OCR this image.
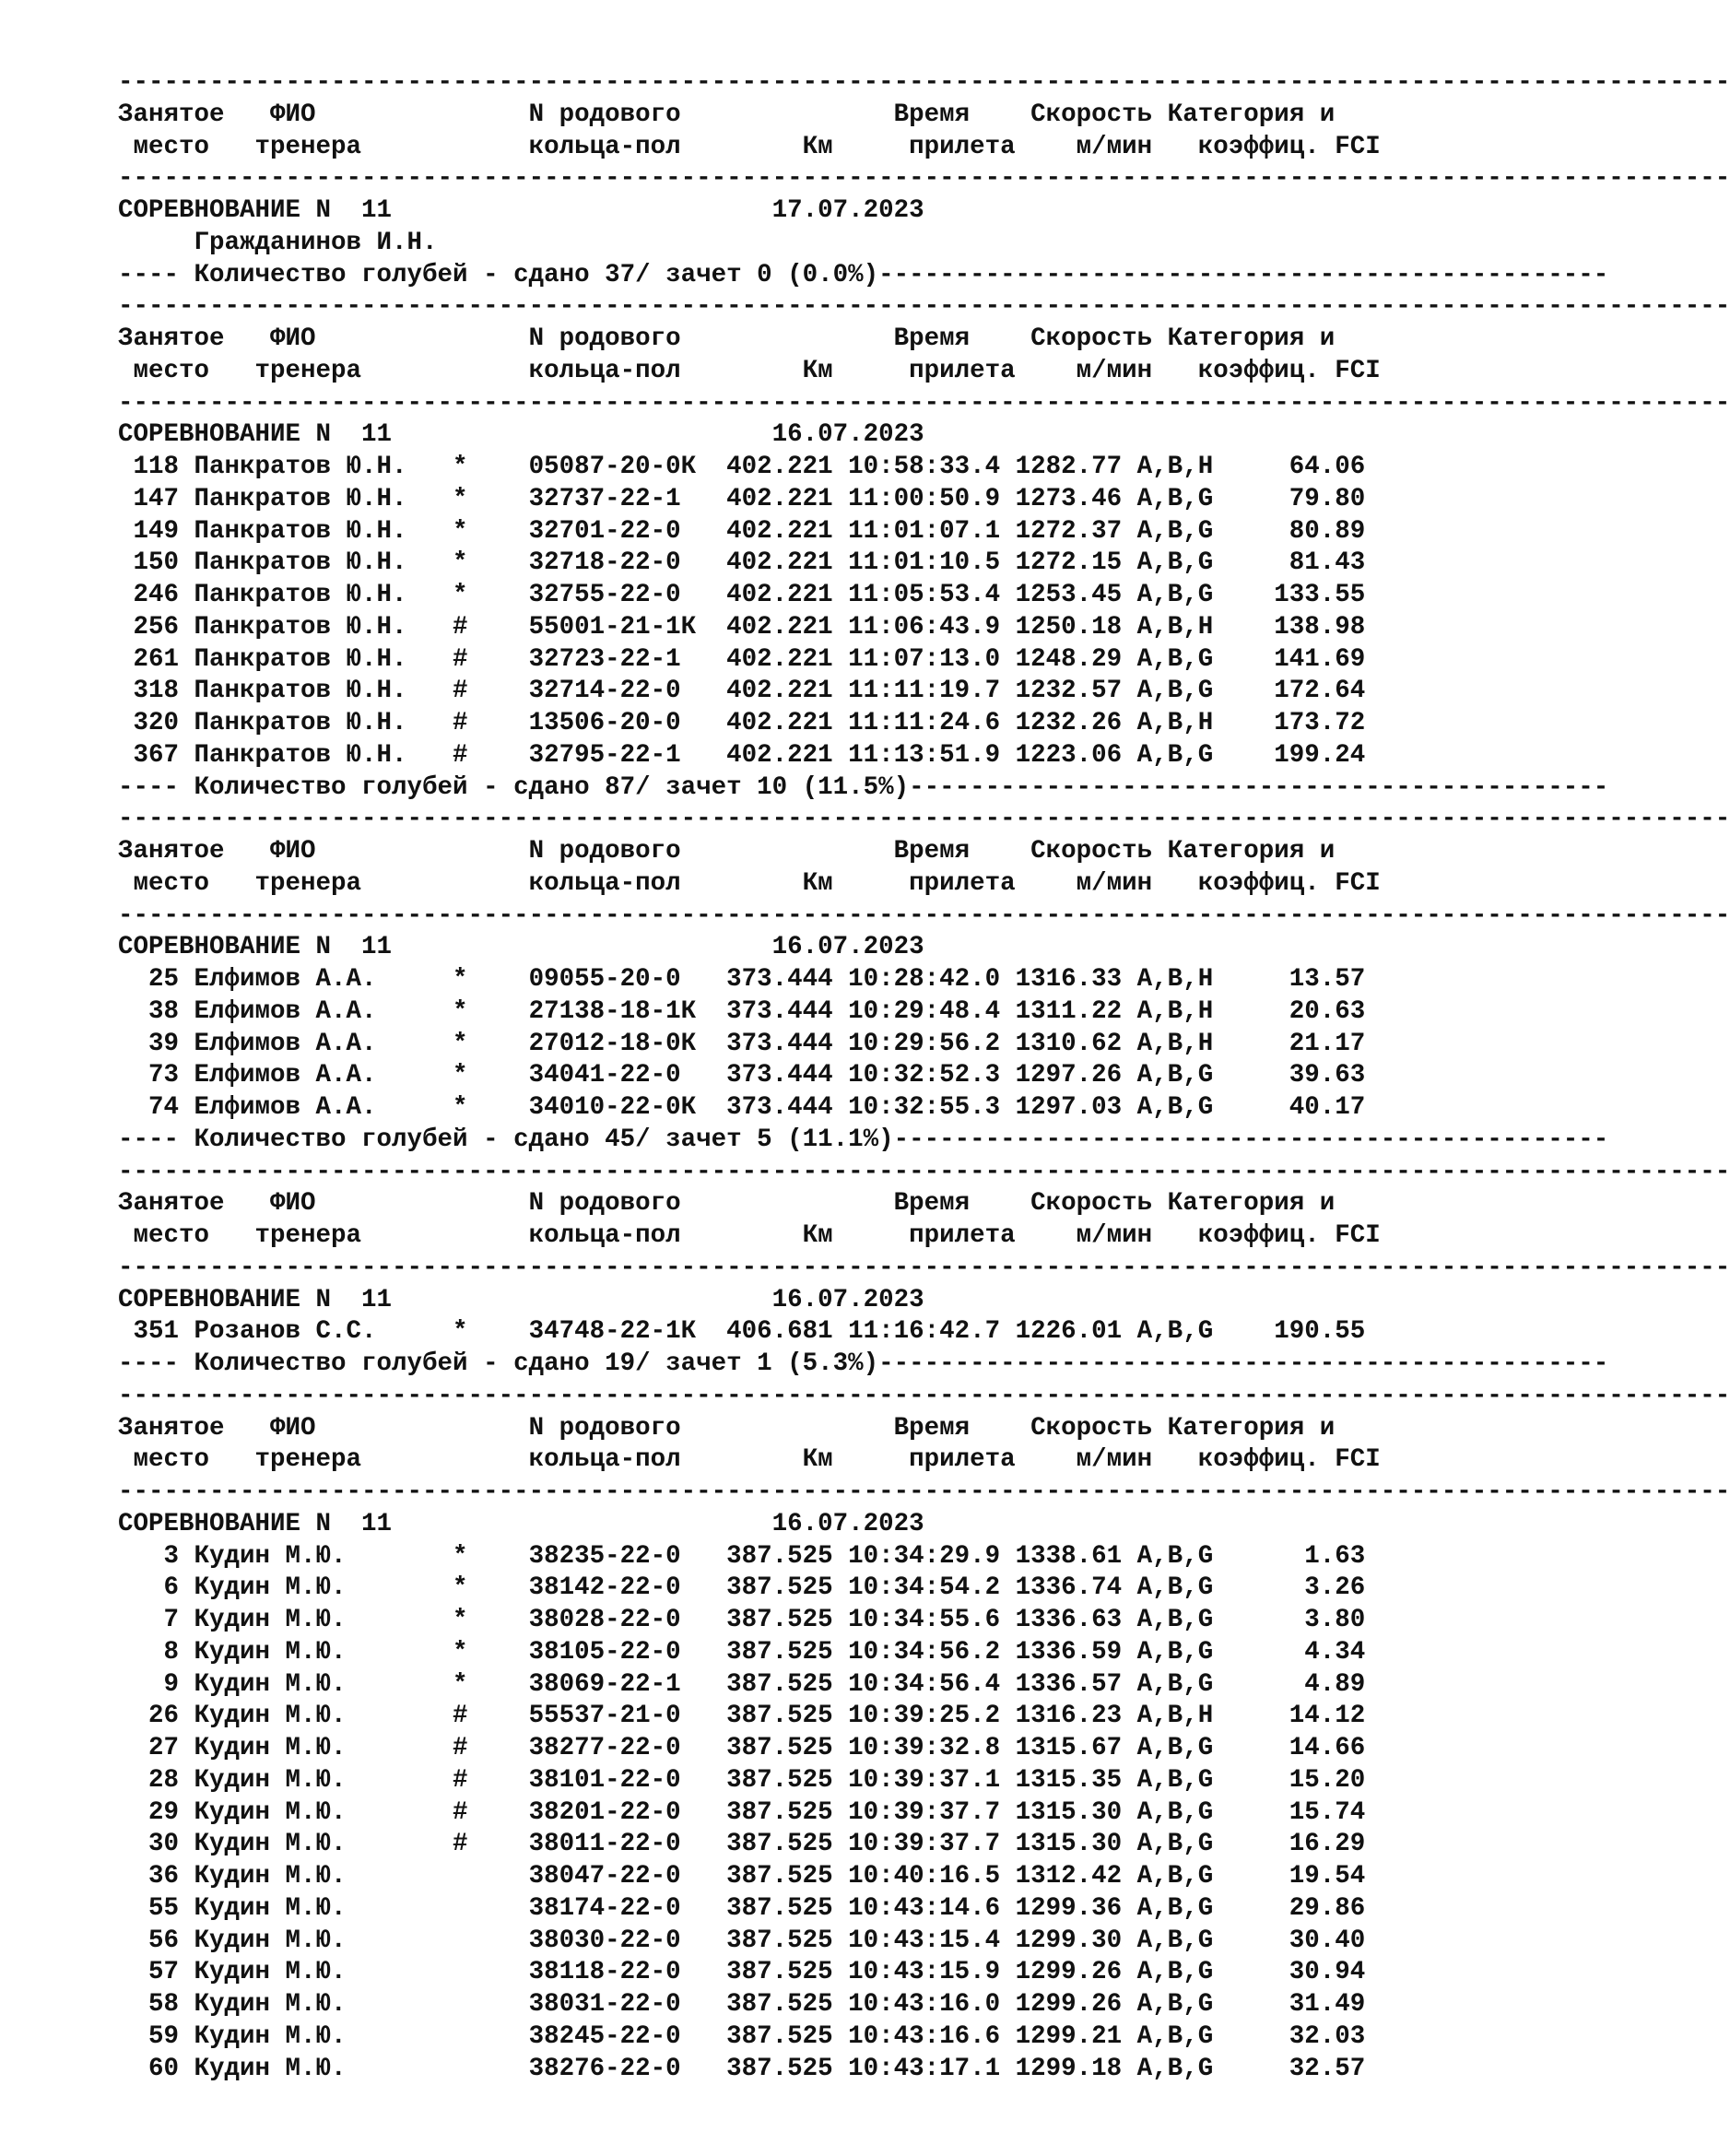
----------------------------------------------------------------------------------------------------------
Занятое   ФИО              N родового              Время    Скорость Категория и
место   тренера           кольца-пол        Км     прилета    м/мин   коэффиц. FCI
----------------------------------------------------------------------------------------------------------
СОРЕВНОВАНИЕ N  11                         17.07.2023
Гражданинов И.Н.
---- Количество голубей - сдано 37/ зачет 0 (0.0%)------------------------------------------------
----------------------------------------------------------------------------------------------------------
Занятое   ФИО              N родового              Время    Скорость Категория и
место   тренера           кольца-пол        Км     прилета    м/мин   коэффиц. FCI
----------------------------------------------------------------------------------------------------------
СОРЕВНОВАНИЕ N  11                         16.07.2023
118 Панкратов Ю.Н.   *    05087-20-0К  402.221 10:58:33.4 1282.77 A,B,H     64.06
147 Панкратов Ю.Н.   *    32737-22-1   402.221 11:00:50.9 1273.46 A,B,G     79.80
149 Панкратов Ю.Н.   *    32701-22-0   402.221 11:01:07.1 1272.37 A,B,G     80.89
150 Панкратов Ю.Н.   *    32718-22-0   402.221 11:01:10.5 1272.15 A,B,G     81.43
246 Панкратов Ю.Н.   *    32755-22-0   402.221 11:05:53.4 1253.45 A,B,G    133.55
256 Панкратов Ю.Н.   #    55001-21-1К  402.221 11:06:43.9 1250.18 A,B,H    138.98
261 Панкратов Ю.Н.   #    32723-22-1   402.221 11:07:13.0 1248.29 A,B,G    141.69
318 Панкратов Ю.Н.   #    32714-22-0   402.221 11:11:19.7 1232.57 A,B,G    172.64
320 Панкратов Ю.Н.   #    13506-20-0   402.221 11:11:24.6 1232.26 A,B,H    173.72
367 Панкратов Ю.Н.   #    32795-22-1   402.221 11:13:51.9 1223.06 A,B,G    199.24
---- Количество голубей - сдано 87/ зачет 10 (11.5%)----------------------------------------------
----------------------------------------------------------------------------------------------------------
Занятое   ФИО              N родового              Время    Скорость Категория и
место   тренера           кольца-пол        Км     прилета    м/мин   коэффиц. FCI
----------------------------------------------------------------------------------------------------------
СОРЕВНОВАНИЕ N  11                         16.07.2023
25 Елфимов А.А.     *    09055-20-0   373.444 10:28:42.0 1316.33 A,B,H     13.57
38 Елфимов А.А.     *    27138-18-1К  373.444 10:29:48.4 1311.22 A,B,H     20.63
39 Елфимов А.А.     *    27012-18-0К  373.444 10:29:56.2 1310.62 A,B,H     21.17
73 Елфимов А.А.     *    34041-22-0   373.444 10:32:52.3 1297.26 A,B,G     39.63
74 Елфимов А.А.     *    34010-22-0К  373.444 10:32:55.3 1297.03 A,B,G     40.17
---- Количество голубей - сдано 45/ зачет 5 (11.1%)-----------------------------------------------
----------------------------------------------------------------------------------------------------------
Занятое   ФИО              N родового              Время    Скорость Категория и
место   тренера           кольца-пол        Км     прилета    м/мин   коэффиц. FCI
----------------------------------------------------------------------------------------------------------
СОРЕВНОВАНИЕ N  11                         16.07.2023
351 Розанов С.С.     *    34748-22-1К  406.681 11:16:42.7 1226.01 A,B,G    190.55
---- Количество голубей - сдано 19/ зачет 1 (5.3%)------------------------------------------------
----------------------------------------------------------------------------------------------------------
Занятое   ФИО              N родового              Время    Скорость Категория и
место   тренера           кольца-пол        Км     прилета    м/мин   коэффиц. FCI
----------------------------------------------------------------------------------------------------------
СОРЕВНОВАНИЕ N  11                         16.07.2023
3 Кудин М.Ю.       *    38235-22-0   387.525 10:34:29.9 1338.61 A,B,G      1.63
6 Кудин М.Ю.       *    38142-22-0   387.525 10:34:54.2 1336.74 A,B,G      3.26
7 Кудин М.Ю.       *    38028-22-0   387.525 10:34:55.6 1336.63 A,B,G      3.80
8 Кудин М.Ю.       *    38105-22-0   387.525 10:34:56.2 1336.59 A,B,G      4.34
9 Кудин М.Ю.       *    38069-22-1   387.525 10:34:56.4 1336.57 A,B,G      4.89
26 Кудин М.Ю.       #    55537-21-0   387.525 10:39:25.2 1316.23 A,B,H     14.12
27 Кудин М.Ю.       #    38277-22-0   387.525 10:39:32.8 1315.67 A,B,G     14.66
28 Кудин М.Ю.       #    38101-22-0   387.525 10:39:37.1 1315.35 A,B,G     15.20
29 Кудин М.Ю.       #    38201-22-0   387.525 10:39:37.7 1315.30 A,B,G     15.74
30 Кудин М.Ю.       #    38011-22-0   387.525 10:39:37.7 1315.30 A,B,G     16.29
36 Кудин М.Ю.            38047-22-0   387.525 10:40:16.5 1312.42 A,B,G     19.54
55 Кудин М.Ю.            38174-22-0   387.525 10:43:14.6 1299.36 A,B,G     29.86
56 Кудин М.Ю.            38030-22-0   387.525 10:43:15.4 1299.30 A,B,G     30.40
57 Кудин М.Ю.            38118-22-0   387.525 10:43:15.9 1299.26 A,B,G     30.94
58 Кудин М.Ю.            38031-22-0   387.525 10:43:16.0 1299.26 A,B,G     31.49
59 Кудин М.Ю.            38245-22-0   387.525 10:43:16.6 1299.21 A,B,G     32.03
60 Кудин М.Ю.            38276-22-0   387.525 10:43:17.1 1299.18 A,B,G     32.57
